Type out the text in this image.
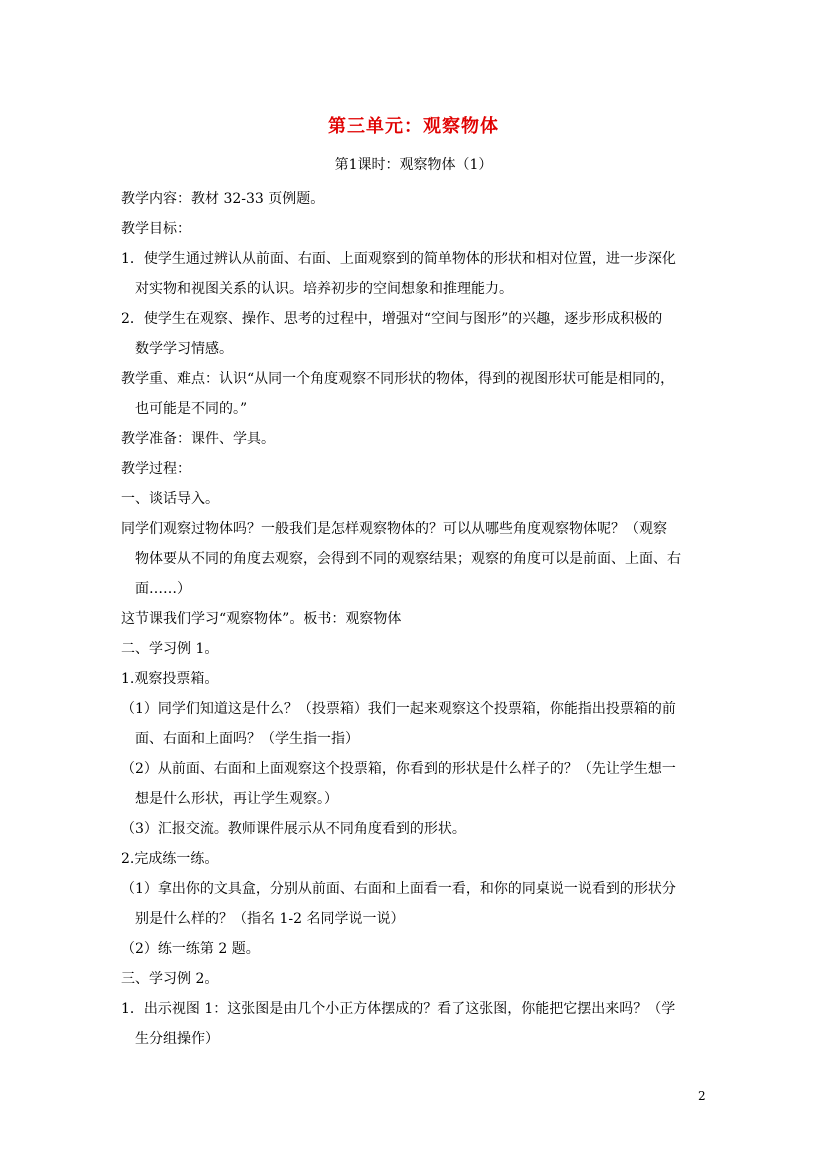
第三单元：观察物体
第1课时：观察物体（1）
教学内容：教材 32-33 页例题。
教学目标：
1．使学生通过辨认从前面、右面、上面观察到的简单物体的形状和相对位置，进一步深化
对实物和视图关系的认识。培养初步的空间想象和推理能力。
2．使学生在观察、操作、思考的过程中，增强对“空间与图形”的兴趣，逐步形成积极的
数学学习情感。
教学重、难点：认识“从同一个角度观察不同形状的物体，得到的视图形状可能是相同的，
也可能是不同的。”
教学准备：课件、学具。
教学过程：
一、谈话导入。
同学们观察过物体吗？一般我们是怎样观察物体的？可以从哪些角度观察物体呢？（观察
物体要从不同的角度去观察，会得到不同的观察结果；观察的角度可以是前面、上面、右
面……）
这节课我们学习“观察物体”。板书：观察物体
二、学习例 1。
1.观察投票箱。
（1）同学们知道这是什么？（投票箱）我们一起来观察这个投票箱，你能指出投票箱的前
面、右面和上面吗？（学生指一指）
（2）从前面、右面和上面观察这个投票箱，你看到的形状是什么样子的？（先让学生想一
想是什么形状，再让学生观察。）
（3）汇报交流。教师课件展示从不同角度看到的形状。
2.完成练一练。
（1）拿出你的文具盒，分别从前面、右面和上面看一看，和你的同桌说一说看到的形状分
别是什么样的？（指名 1-2 名同学说一说）
（2）练一练第 2 题。
三、学习例 2。
1．出示视图 1：这张图是由几个小正方体摆成的？看了这张图，你能把它摆出来吗？（学
生分组操作）
2
